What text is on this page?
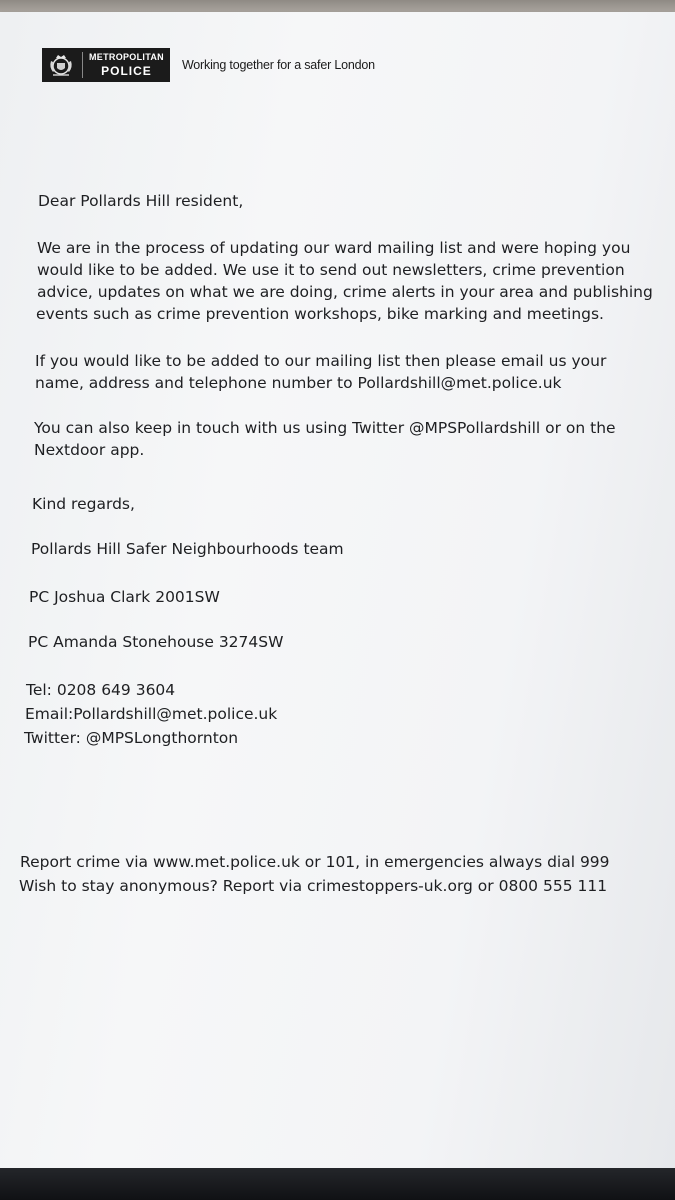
METROPOLITAN
POLICE Working together for a safer London

Dear Pollards Hill resident,

We are in the process of updating our ward mailing list and were hoping you

would like to be added. We use it to send out newsletters, crime prevention

advice, updates on what we are doing, crime alerts in your area and publishing

events such as crime prevention workshops, bike marking and meetings.

If you would like to be added to our mailing list then please email us your

name, address and telephone number to Pollardshill@met.police.uk

You can also keep in touch with us using Twitter @MPSPollardshill or on the

Nextdoor app.

Kind regards,

Pollards Hill Safer Neighbourhoods team

PC Joshua Clark 2001SW

PC Amanda Stonehouse 3274SW

Tel: 0208 649 3604

Email:Pollardshill@met.police.uk

Twitter: @MPSLongthornton

Report crime via www.met.police.uk or 101, in emergencies always dial 999

Wish to stay anonymous? Report via crimestoppers-uk.org or 0800 555 111
